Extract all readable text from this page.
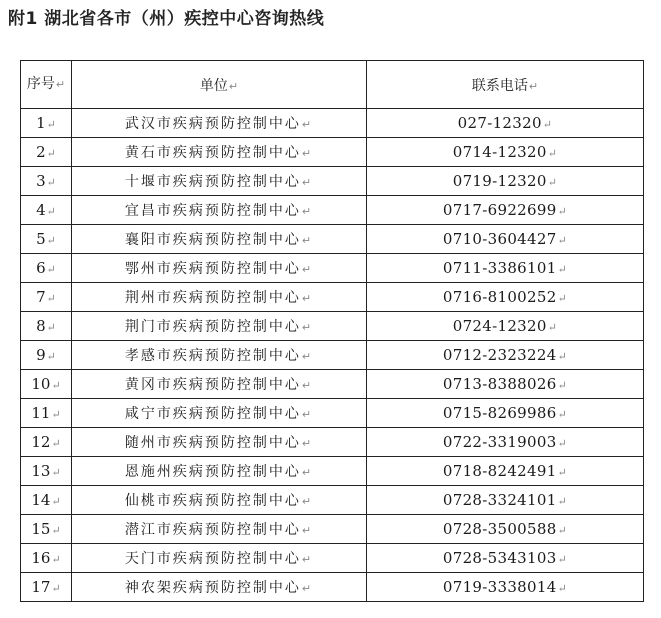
附1 湖北省各市（州）疾控中心咨询热线
序号↵	单位↵	联系电话↵
1↵	武汉市疾病预防控制中心↵	027-12320↵
2↵	黄石市疾病预防控制中心↵	0714-12320↵
3↵	十堰市疾病预防控制中心↵	0719-12320↵
4↵	宜昌市疾病预防控制中心↵	0717-6922699↵
5↵	襄阳市疾病预防控制中心↵	0710-3604427↵
6↵	鄂州市疾病预防控制中心↵	0711-3386101↵
7↵	荆州市疾病预防控制中心↵	0716-8100252↵
8↵	荆门市疾病预防控制中心↵	0724-12320↵
9↵	孝感市疾病预防控制中心↵	0712-2323224↵
10↵	黄冈市疾病预防控制中心↵	0713-8388026↵
11↵	咸宁市疾病预防控制中心↵	0715-8269986↵
12↵	随州市疾病预防控制中心↵	0722-3319003↵
13↵	恩施州疾病预防控制中心↵	0718-8242491↵
14↵	仙桃市疾病预防控制中心↵	0728-3324101↵
15↵	潜江市疾病预防控制中心↵	0728-3500588↵
16↵	天门市疾病预防控制中心↵	0728-5343103↵
17↵	神农架疾病预防控制中心↵	0719-3338014↵
